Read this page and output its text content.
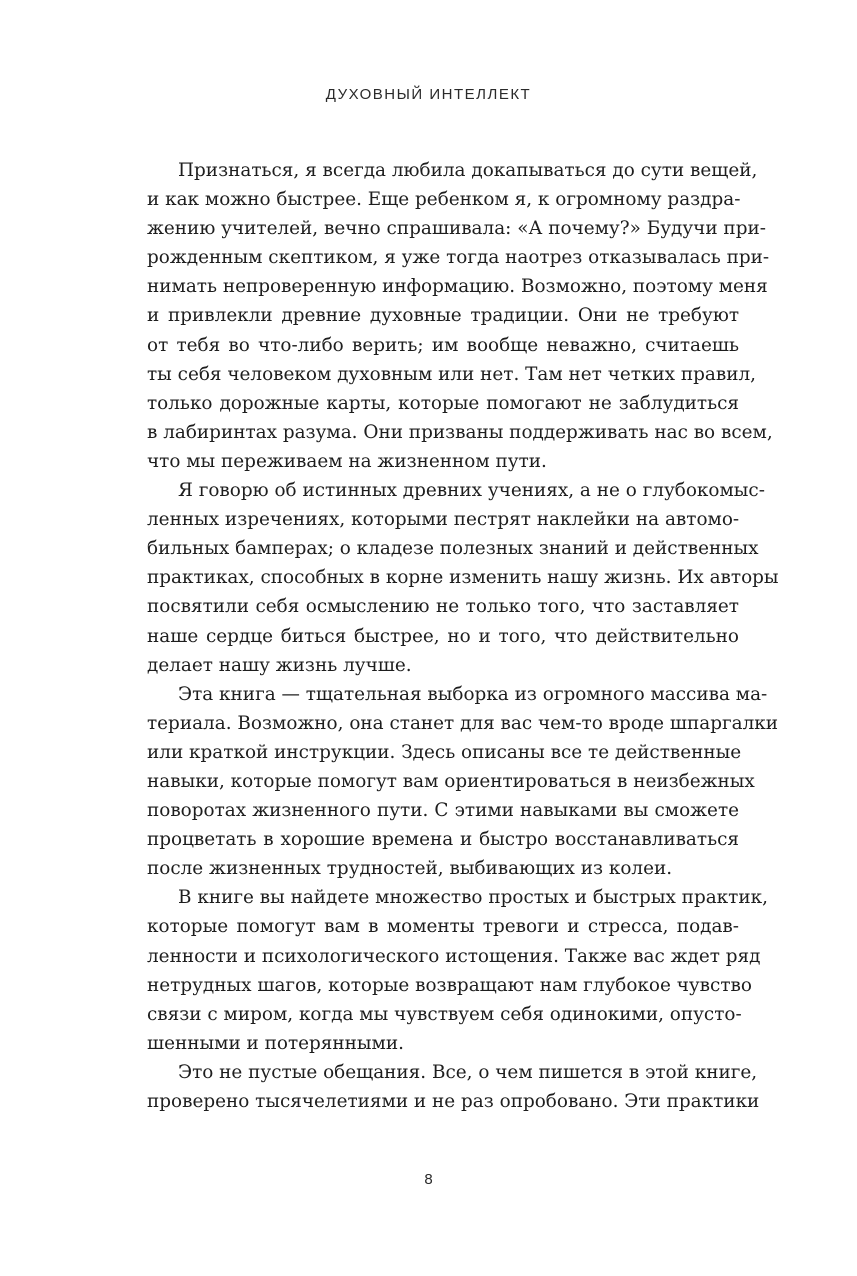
ДУХОВНЫЙ ИНТЕЛЛЕКТ
Признаться, я всегда любила докапываться до сути вещей,
и как можно быстрее. Еще ребенком я, к огромному раздра-
жению учителей, вечно спрашивала: «А почему?» Будучи при-
рожденным скептиком, я уже тогда наотрез отказывалась при-
нимать непроверенную информацию. Возможно, поэтому меня
и привлекли древние духовные традиции. Они не требуют
от тебя во что-либо верить; им вообще неважно, считаешь
ты себя человеком духовным или нет. Там нет четких правил,
только дорожные карты, которые помогают не заблудиться
в лабиринтах разума. Они призваны поддерживать нас во всем,
что мы переживаем на жизненном пути.
Я говорю об истинных древних учениях, а не о глубокомыс-
ленных изречениях, которыми пестрят наклейки на автомо-
бильных бамперах; о кладезе полезных знаний и действенных
практиках, способных в корне изменить нашу жизнь. Их авторы
посвятили себя осмыслению не только того, что заставляет
наше сердце биться быстрее, но и того, что действительно
делает нашу жизнь лучше.
Эта книга — тщательная выборка из огромного массива ма-
териала. Возможно, она станет для вас чем-то вроде шпаргалки
или краткой инструкции. Здесь описаны все те действенные
навыки, которые помогут вам ориентироваться в неизбежных
поворотах жизненного пути. С этими навыками вы сможете
процветать в хорошие времена и быстро восстанавливаться
после жизненных трудностей, выбивающих из колеи.
В книге вы найдете множество простых и быстрых практик,
которые помогут вам в моменты тревоги и стресса, подав-
ленности и психологического истощения. Также вас ждет ряд
нетрудных шагов, которые возвращают нам глубокое чувство
связи с миром, когда мы чувствуем себя одинокими, опусто-
шенными и потерянными.
Это не пустые обещания. Все, о чем пишется в этой книге,
проверено тысячелетиями и не раз опробовано. Эти практики
8
